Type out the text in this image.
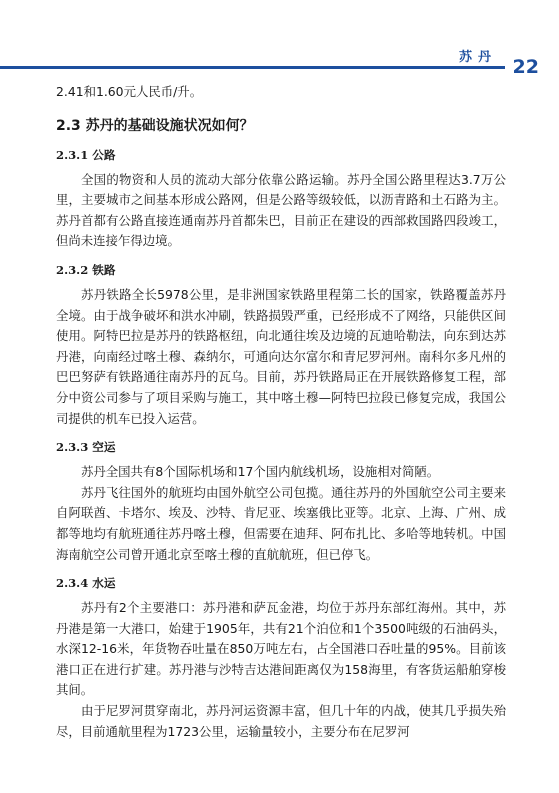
苏丹 22

2.41和1.60元人民币/升。

2.3 苏丹的基础设施状况如何？
2.3.1 公路

全国的物资和人员的流动大部分依靠公路运输。苏丹全国公路里程达3.7万公里，主要城市之间基本形成公路网，但是公路等级较低，以沥青路和土石路为主。苏丹首都有公路直接连通南苏丹首都朱巴，目前正在建设的西部救国路四段竣工，但尚未连接乍得边境。

2.3.2 铁路

苏丹铁路全长5978公里，是非洲国家铁路里程第二长的国家，铁路覆盖苏丹全境。由于战争破坏和洪水冲刷，铁路损毁严重，已经形成不了网络，只能供区间使用。阿特巴拉是苏丹的铁路枢纽，向北通往埃及边境的瓦迪哈勒法，向东到达苏丹港，向南经过喀土穆、森纳尔，可通向达尔富尔和青尼罗河州。南科尔多凡州的巴巴努萨有铁路通往南苏丹的瓦乌。目前，苏丹铁路局正在开展铁路修复工程，部分中资公司参与了项目采购与施工，其中喀土穆—阿特巴拉段已修复完成，我国公司提供的机车已投入运营。

2.3.3 空运

苏丹全国共有8个国际机场和17个国内航线机场，设施相对简陋。

苏丹飞往国外的航班均由国外航空公司包揽。通往苏丹的外国航空公司主要来自阿联酋、卡塔尔、埃及、沙特、肯尼亚、埃塞俄比亚等。北京、上海、广州、成都等地均有航班通往苏丹喀土穆，但需要在迪拜、阿布扎比、多哈等地转机。中国海南航空公司曾开通北京至喀土穆的直航航班，但已停飞。

2.3.4 水运

苏丹有2个主要港口：苏丹港和萨瓦金港，均位于苏丹东部红海州。其中，苏丹港是第一大港口，始建于1905年，共有21个泊位和1个3500吨级的石油码头，水深12-16米，年货物吞吐量在850万吨左右，占全国港口吞吐量的95%。目前该港口正在进行扩建。苏丹港与沙特吉达港间距离仅为158海里，有客货运船舶穿梭其间。

由于尼罗河贯穿南北，苏丹河运资源丰富，但几十年的内战，使其几乎损失殆尽，目前通航里程为1723公里，运输量较小，主要分布在尼罗河
